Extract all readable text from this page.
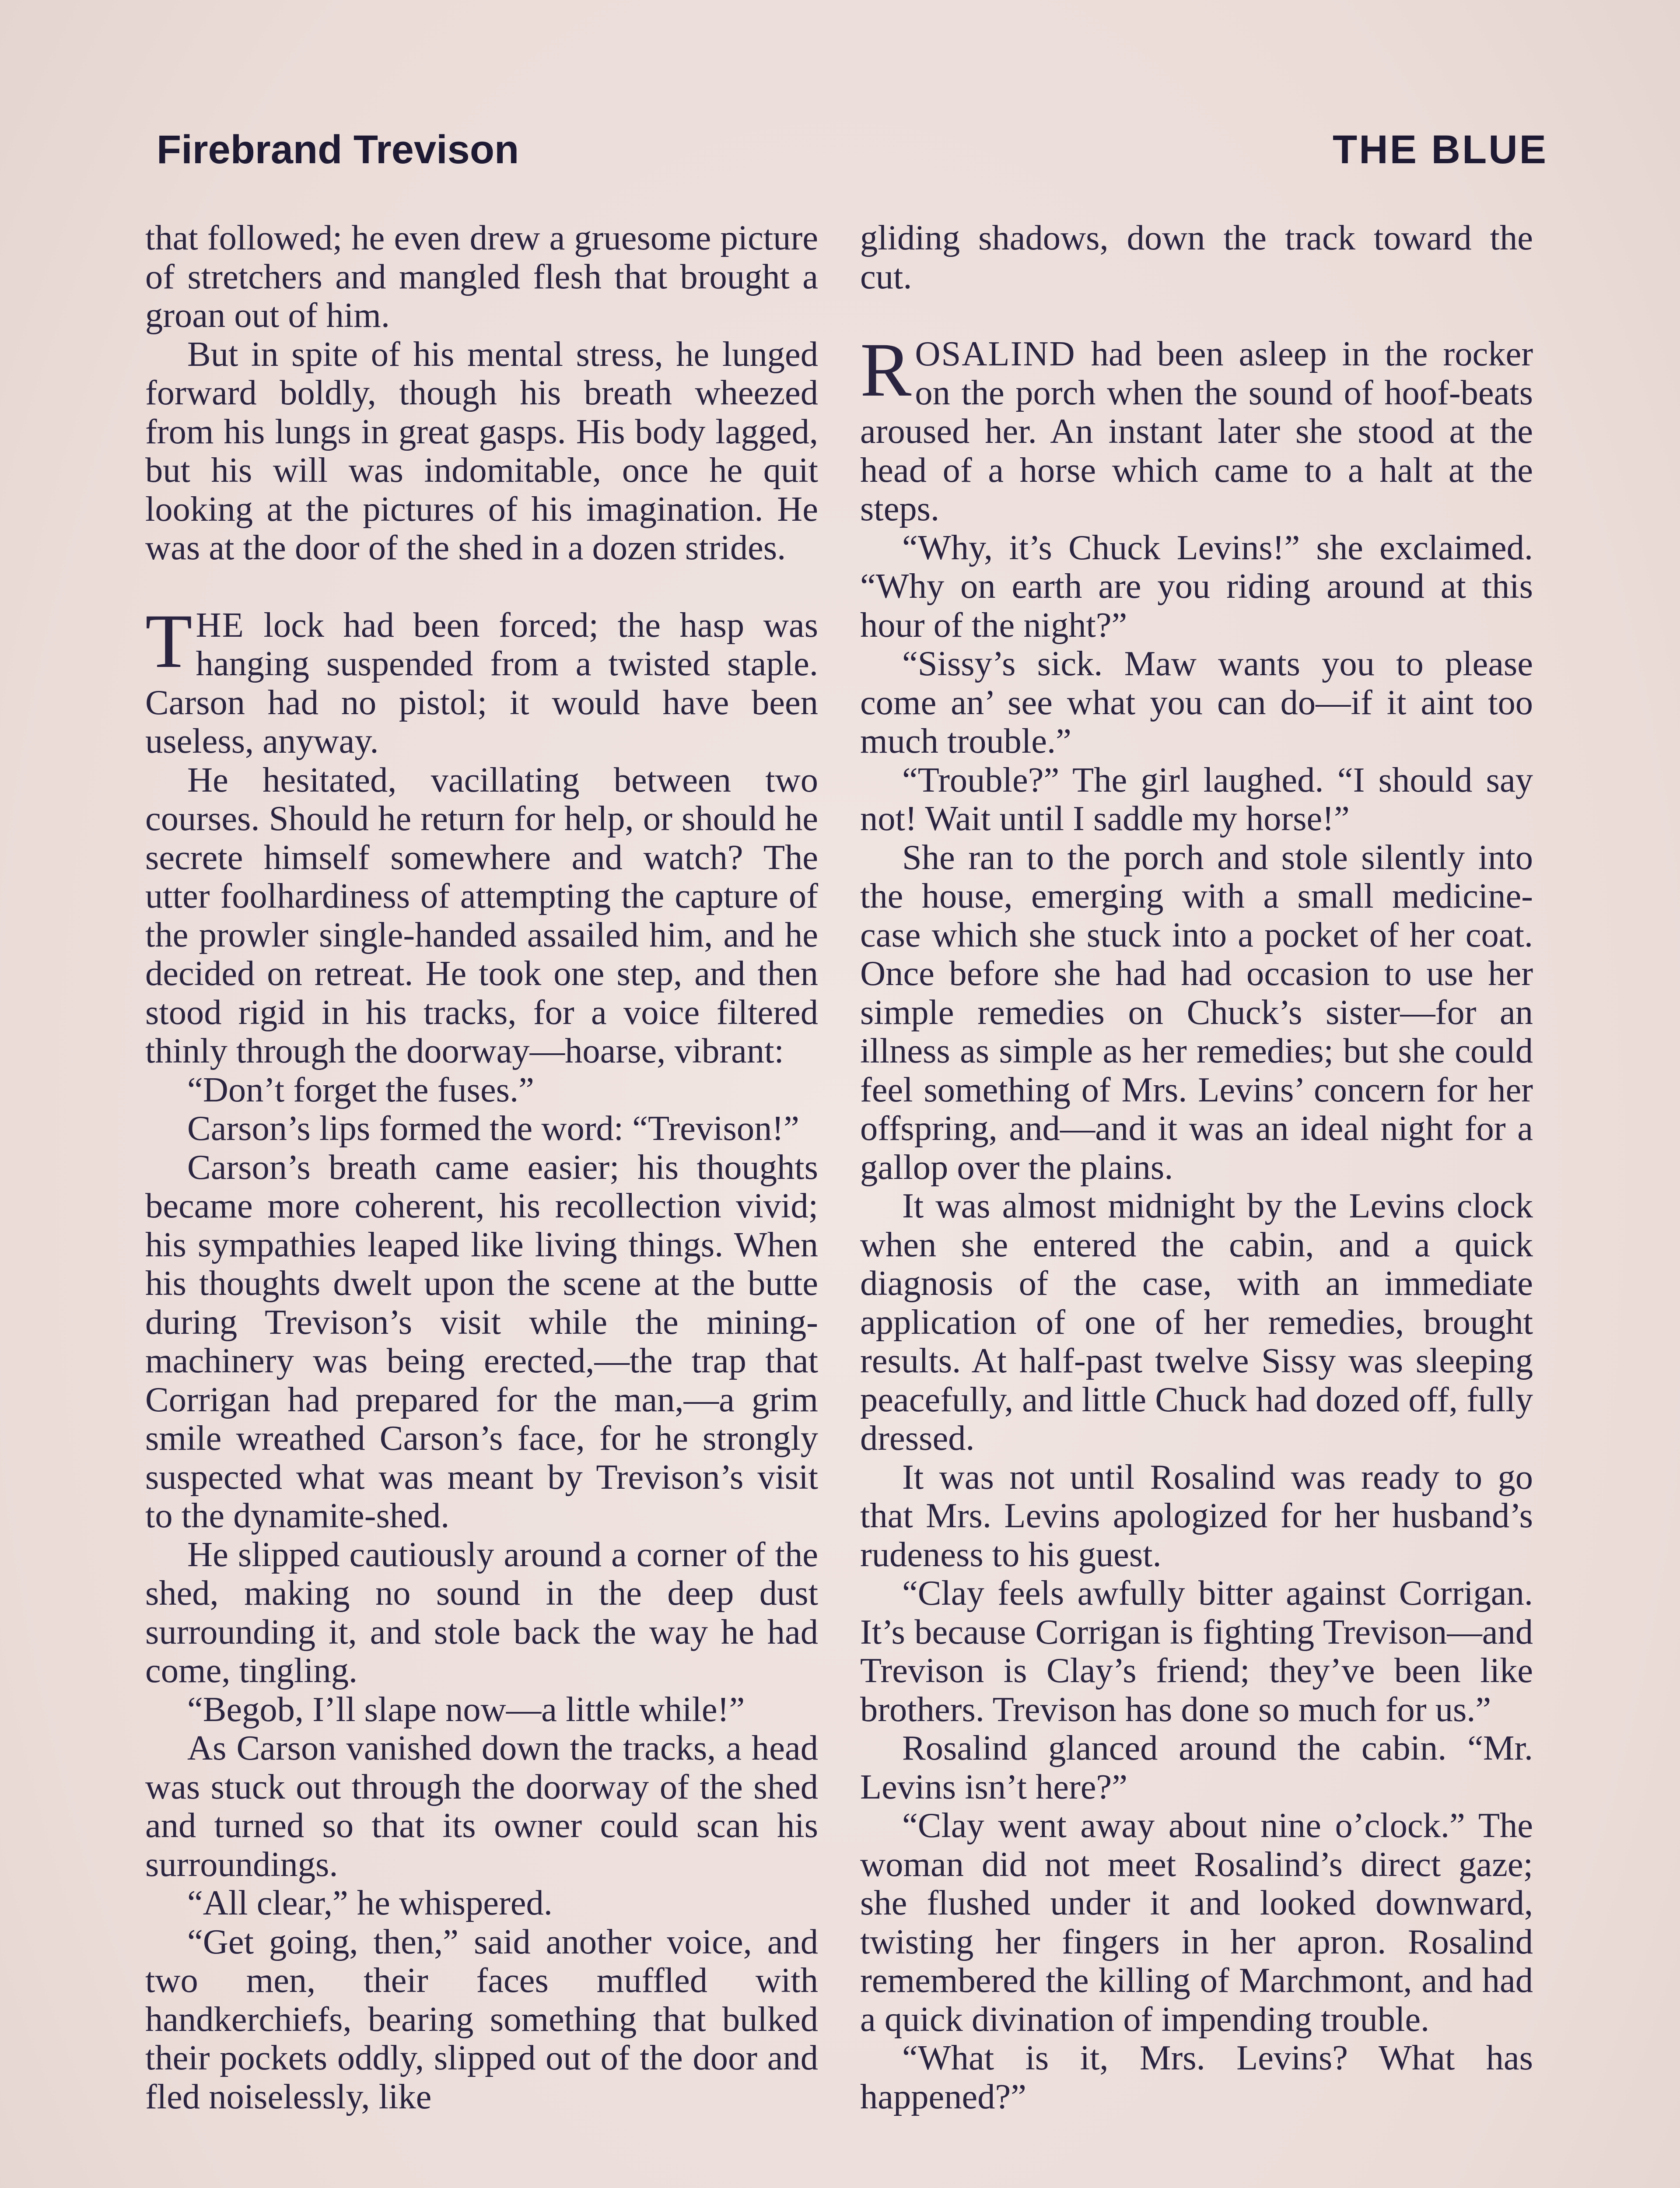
Firebrand Trevison	THE BLUE

that followed; he even drew a gruesome picture of stretchers and mangled flesh that brought a groan out of him.

But in spite of his mental stress, he lunged forward boldly, though his breath wheezed from his lungs in great gasps. His body lagged, but his will was indomitable, once he quit looking at the pictures of his imagination. He was at the door of the shed in a dozen strides.

THE lock had been forced; the hasp was hanging suspended from a twisted staple. Carson had no pistol; it would have been useless, anyway.

He hesitated, vacillating between two courses. Should he return for help, or should he secrete himself somewhere and watch? The utter foolhardiness of attempting the capture of the prowler single-handed assailed him, and he decided on retreat. He took one step, and then stood rigid in his tracks, for a voice filtered thinly through the doorway—hoarse, vibrant:

“Don’t forget the fuses.”

Carson’s lips formed the word: “Trevison!”

Carson’s breath came easier; his thoughts became more coherent, his recollection vivid; his sympathies leaped like living things. When his thoughts dwelt upon the scene at the butte during Trevison’s visit while the mining-machinery was being erected,—the trap that Corrigan had prepared for the man,—a grim smile wreathed Carson’s face, for he strongly suspected what was meant by Trevison’s visit to the dynamite-shed.

He slipped cautiously around a corner of the shed, making no sound in the deep dust surrounding it, and stole back the way he had come, tingling.

“Begob, I’ll slape now—a little while!”

As Carson vanished down the tracks, a head was stuck out through the doorway of the shed and turned so that its owner could scan his surroundings.

“All clear,” he whispered.

“Get going, then,” said another voice, and two men, their faces muffled with handkerchiefs, bearing something that bulked their pockets oddly, slipped out of the door and fled noiselessly, like

gliding shadows, down the track toward the cut.

ROSALIND had been asleep in the rocker on the porch when the sound of hoof-beats aroused her. An instant later she stood at the head of a horse which came to a halt at the steps.

“Why, it’s Chuck Levins!” she exclaimed. “Why on earth are you riding around at this hour of the night?”

“Sissy’s sick. Maw wants you to please come an’ see what you can do—if it aint too much trouble.”

“Trouble?” The girl laughed. “I should say not! Wait until I saddle my horse!”

She ran to the porch and stole silently into the house, emerging with a small medicine-case which she stuck into a pocket of her coat. Once before she had had occasion to use her simple remedies on Chuck’s sister—for an illness as simple as her remedies; but she could feel something of Mrs. Levins’ concern for her offspring, and—and it was an ideal night for a gallop over the plains.

It was almost midnight by the Levins clock when she entered the cabin, and a quick diagnosis of the case, with an immediate application of one of her remedies, brought results. At half-past twelve Sissy was sleeping peacefully, and little Chuck had dozed off, fully dressed.

It was not until Rosalind was ready to go that Mrs. Levins apologized for her husband’s rudeness to his guest.

“Clay feels awfully bitter against Corrigan. It’s because Corrigan is fighting Trevison—and Trevison is Clay’s friend; they’ve been like brothers. Trevison has done so much for us.”

Rosalind glanced around the cabin. “Mr. Levins isn’t here?”

“Clay went away about nine o’clock.” The woman did not meet Rosalind’s direct gaze; she flushed under it and looked downward, twisting her fingers in her apron. Rosalind remembered the killing of Marchmont, and had a quick divination of impending trouble.

“What is it, Mrs. Levins? What has happened?”
